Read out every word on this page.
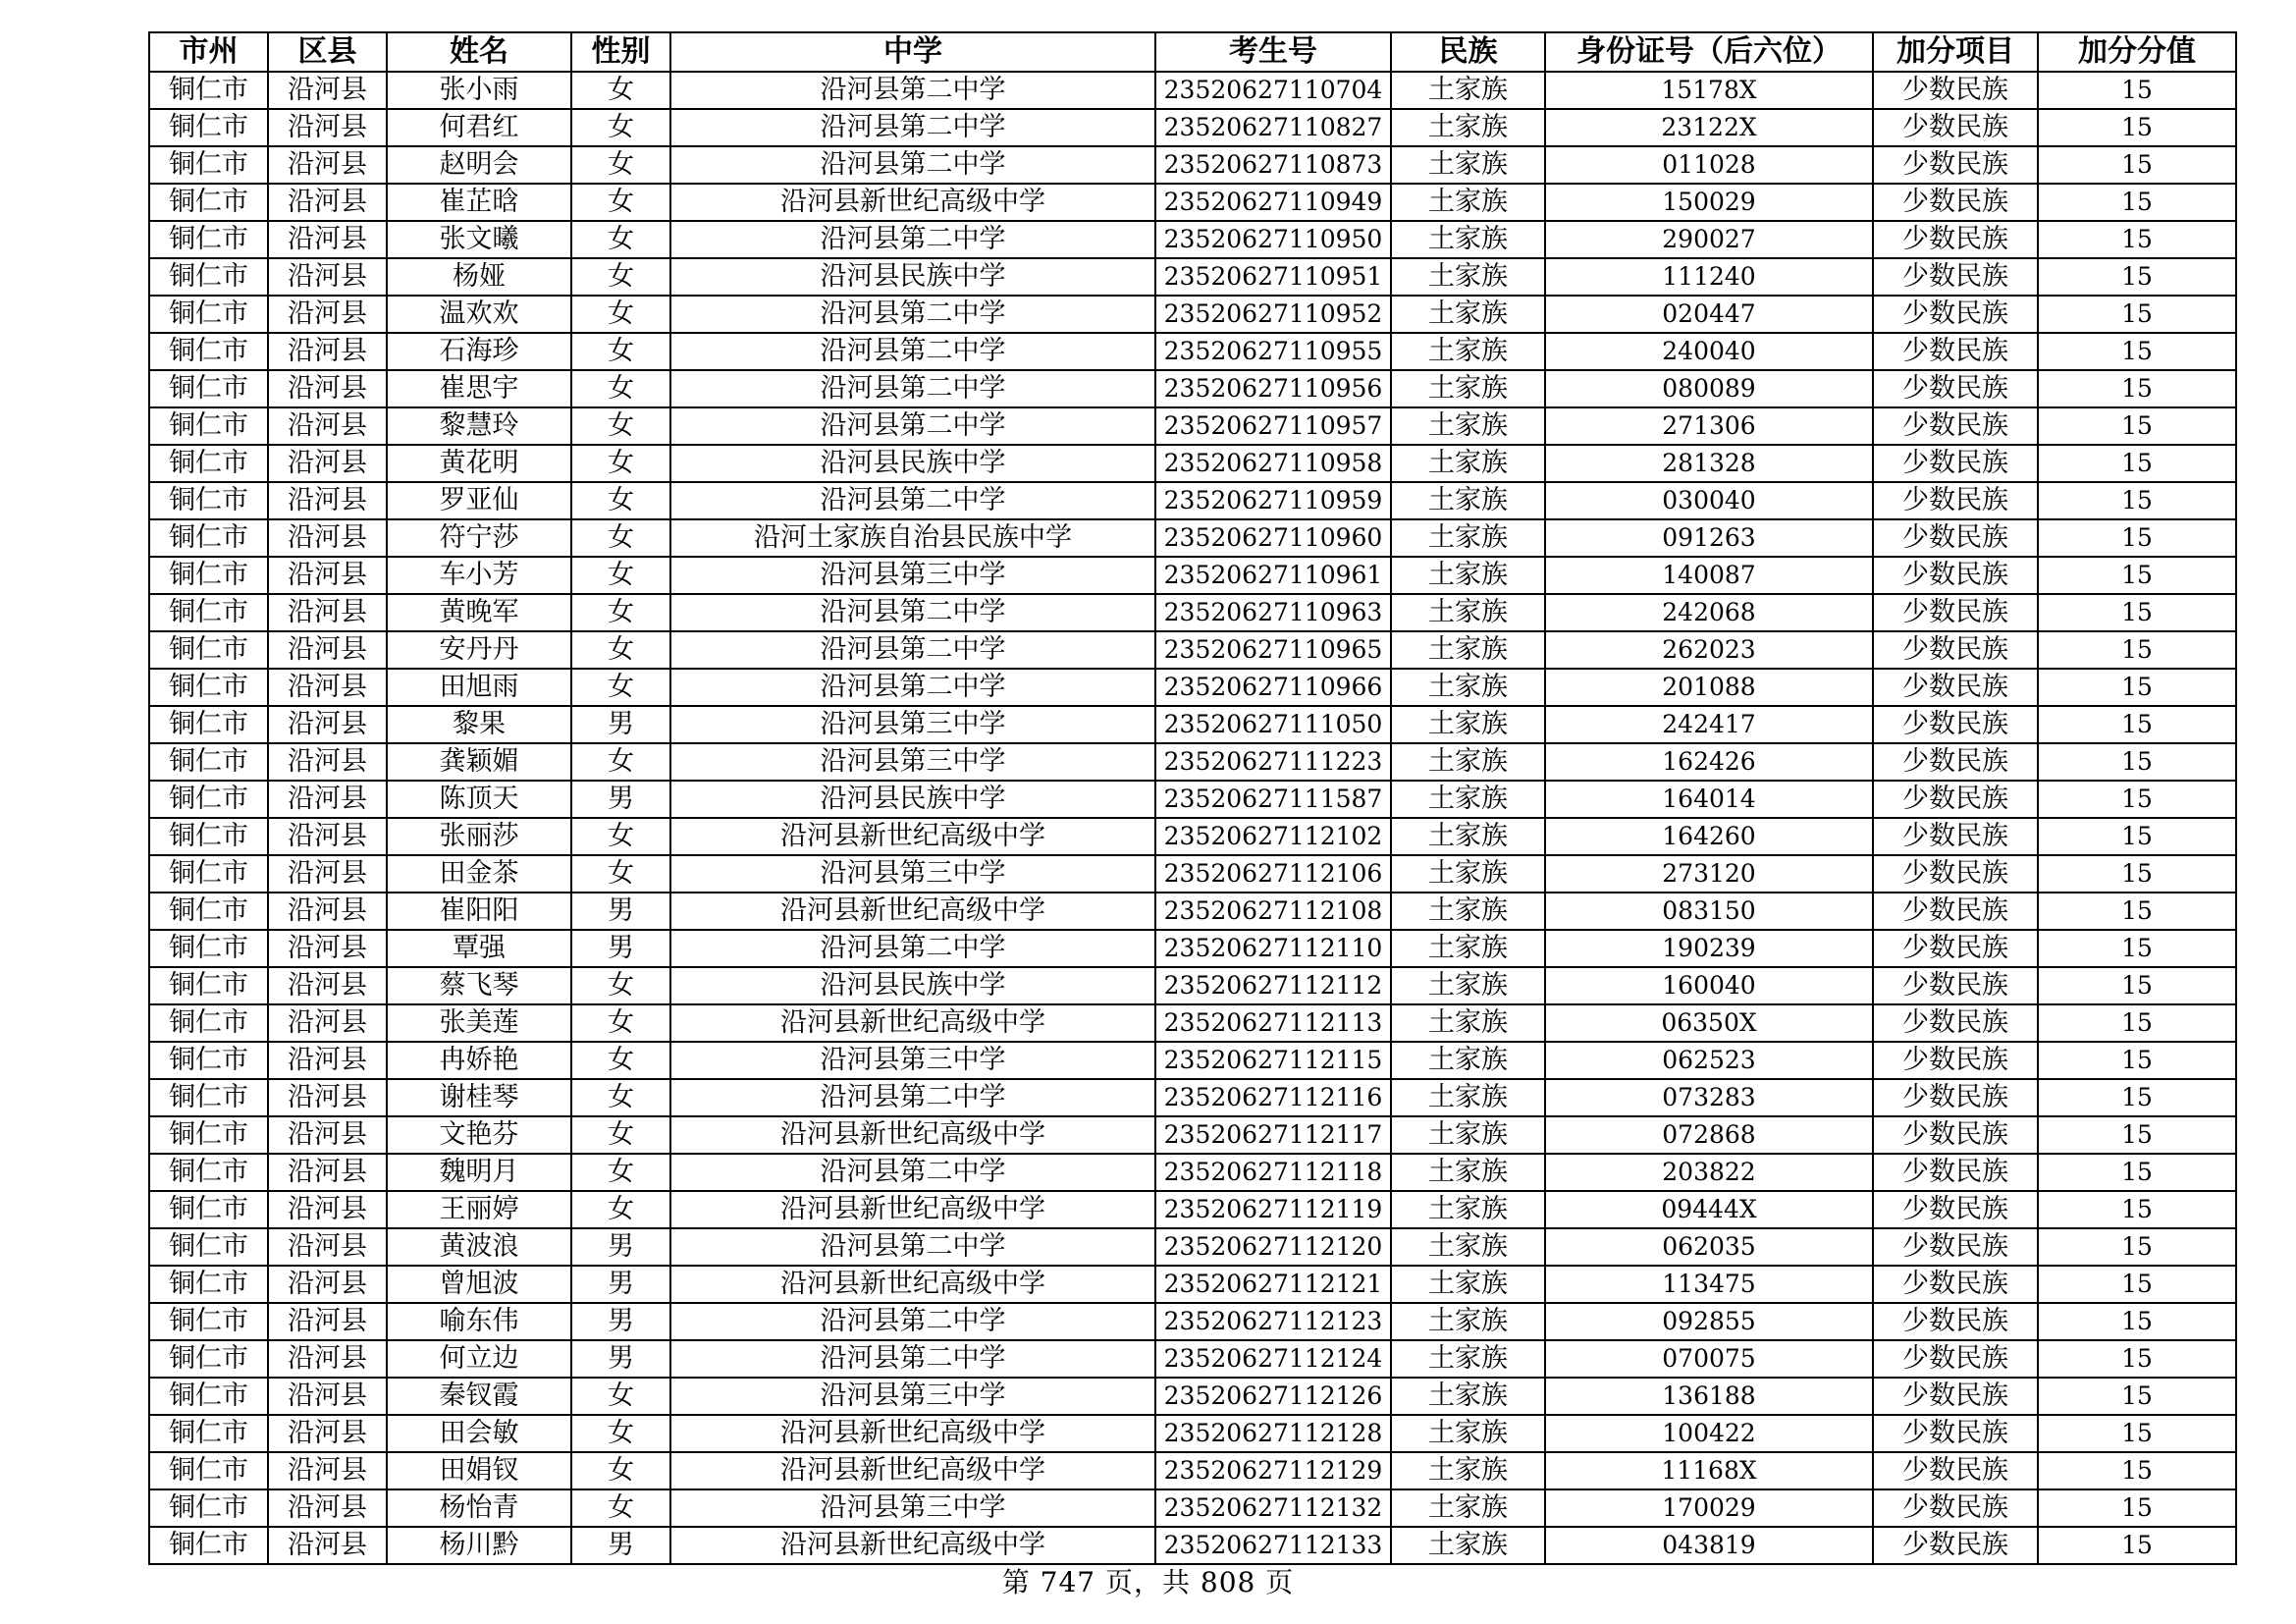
市州	区县	姓名	性别	中学	考生号	民族	身份证号（后六位）	加分项目	加分分值
铜仁市	沿河县	张小雨	女	沿河县第二中学	23520627110704	土家族	15178X	少数民族	15
铜仁市	沿河县	何君红	女	沿河县第二中学	23520627110827	土家族	23122X	少数民族	15
铜仁市	沿河县	赵明会	女	沿河县第二中学	23520627110873	土家族	011028	少数民族	15
铜仁市	沿河县	崔芷晗	女	沿河县新世纪高级中学	23520627110949	土家族	150029	少数民族	15
铜仁市	沿河县	张文曦	女	沿河县第二中学	23520627110950	土家族	290027	少数民族	15
铜仁市	沿河县	杨娅	女	沿河县民族中学	23520627110951	土家族	111240	少数民族	15
铜仁市	沿河县	温欢欢	女	沿河县第二中学	23520627110952	土家族	020447	少数民族	15
铜仁市	沿河县	石海珍	女	沿河县第二中学	23520627110955	土家族	240040	少数民族	15
铜仁市	沿河县	崔思宇	女	沿河县第二中学	23520627110956	土家族	080089	少数民族	15
铜仁市	沿河县	黎慧玲	女	沿河县第二中学	23520627110957	土家族	271306	少数民族	15
铜仁市	沿河县	黄花明	女	沿河县民族中学	23520627110958	土家族	281328	少数民族	15
铜仁市	沿河县	罗亚仙	女	沿河县第二中学	23520627110959	土家族	030040	少数民族	15
铜仁市	沿河县	符宁莎	女	沿河土家族自治县民族中学	23520627110960	土家族	091263	少数民族	15
铜仁市	沿河县	车小芳	女	沿河县第三中学	23520627110961	土家族	140087	少数民族	15
铜仁市	沿河县	黄晚军	女	沿河县第二中学	23520627110963	土家族	242068	少数民族	15
铜仁市	沿河县	安丹丹	女	沿河县第二中学	23520627110965	土家族	262023	少数民族	15
铜仁市	沿河县	田旭雨	女	沿河县第二中学	23520627110966	土家族	201088	少数民族	15
铜仁市	沿河县	黎果	男	沿河县第三中学	23520627111050	土家族	242417	少数民族	15
铜仁市	沿河县	龚颖媚	女	沿河县第三中学	23520627111223	土家族	162426	少数民族	15
铜仁市	沿河县	陈顶天	男	沿河县民族中学	23520627111587	土家族	164014	少数民族	15
铜仁市	沿河县	张丽莎	女	沿河县新世纪高级中学	23520627112102	土家族	164260	少数民族	15
铜仁市	沿河县	田金茶	女	沿河县第三中学	23520627112106	土家族	273120	少数民族	15
铜仁市	沿河县	崔阳阳	男	沿河县新世纪高级中学	23520627112108	土家族	083150	少数民族	15
铜仁市	沿河县	覃强	男	沿河县第二中学	23520627112110	土家族	190239	少数民族	15
铜仁市	沿河县	蔡飞琴	女	沿河县民族中学	23520627112112	土家族	160040	少数民族	15
铜仁市	沿河县	张美莲	女	沿河县新世纪高级中学	23520627112113	土家族	06350X	少数民族	15
铜仁市	沿河县	冉娇艳	女	沿河县第三中学	23520627112115	土家族	062523	少数民族	15
铜仁市	沿河县	谢桂琴	女	沿河县第二中学	23520627112116	土家族	073283	少数民族	15
铜仁市	沿河县	文艳芬	女	沿河县新世纪高级中学	23520627112117	土家族	072868	少数民族	15
铜仁市	沿河县	魏明月	女	沿河县第二中学	23520627112118	土家族	203822	少数民族	15
铜仁市	沿河县	王丽婷	女	沿河县新世纪高级中学	23520627112119	土家族	09444X	少数民族	15
铜仁市	沿河县	黄波浪	男	沿河县第二中学	23520627112120	土家族	062035	少数民族	15
铜仁市	沿河县	曾旭波	男	沿河县新世纪高级中学	23520627112121	土家族	113475	少数民族	15
铜仁市	沿河县	喻东伟	男	沿河县第二中学	23520627112123	土家族	092855	少数民族	15
铜仁市	沿河县	何立边	男	沿河县第二中学	23520627112124	土家族	070075	少数民族	15
铜仁市	沿河县	秦钗霞	女	沿河县第三中学	23520627112126	土家族	136188	少数民族	15
铜仁市	沿河县	田会敏	女	沿河县新世纪高级中学	23520627112128	土家族	100422	少数民族	15
铜仁市	沿河县	田娟钗	女	沿河县新世纪高级中学	23520627112129	土家族	11168X	少数民族	15
铜仁市	沿河县	杨怡青	女	沿河县第三中学	23520627112132	土家族	170029	少数民族	15
铜仁市	沿河县	杨川黔	男	沿河县新世纪高级中学	23520627112133	土家族	043819	少数民族	15
第 747 页，共 808 页
